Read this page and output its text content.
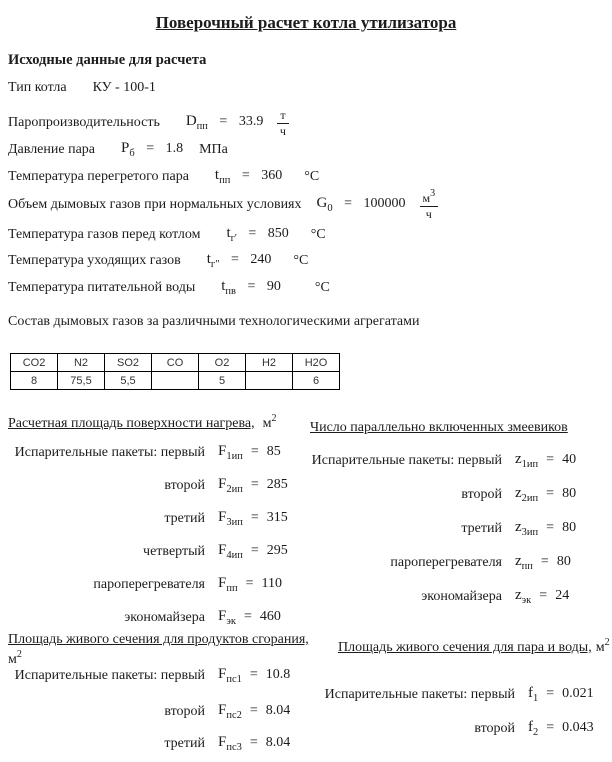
Поверочный расчет котла утилизатора
Исходные данные для расчета
Тип котла КУ - 100-1
Паропроизводительность $D_{пп} = 33.9 \frac{т}{ч}$
Давление пара $P_б = 1.8$ МПа
Температура перегретого пара $t_{пп} = 360$ °C
Объем дымовых газов при нормальных условиях $G_0 = 100000 \frac{м^3}{ч}$
Температура газов перед котлом $t_{г'} = 850$ °C
Температура уходящих газов $t_{г"} = 240$ °C
Температура питательной воды $t_{пв} = 90$ °C
Состав дымовых газов за различными технологическими агрегатами
CO2	N2	SO2	CO	O2	H2	H2O
8	75,5	5,5		5		6
Расчетная площадь поверхности нагрева, $м^2$
Испарительные пакеты: первый $F_{1ип} = 85$
второй $F_{2ип} = 285$
третий $F_{3ип} = 315$
четвертый $F_{4ип} = 295$
пароперегревателя $F_{пп} = 110$
экономайзера $F_{эк} = 460$
Число параллельно включенных змеевиков
Испарительные пакеты: первый $z_{1ип} = 40$
второй $z_{2ип} = 80$
третий $z_{3ип} = 80$
пароперегревателя $z_{пп} = 80$
экономайзера $z_{эк} = 24$
Площадь живого сечения для продуктов сгорания,
$м^2$
Испарительные пакеты: первый $F_{пс1} = 10.8$
второй $F_{пс2} = 8.04$
третий $F_{пс3} = 8.04$
Площадь живого сечения для пара и воды, $м^2$
Испарительные пакеты: первый $f_1 = 0.021$
второй $f_2 = 0.043$
